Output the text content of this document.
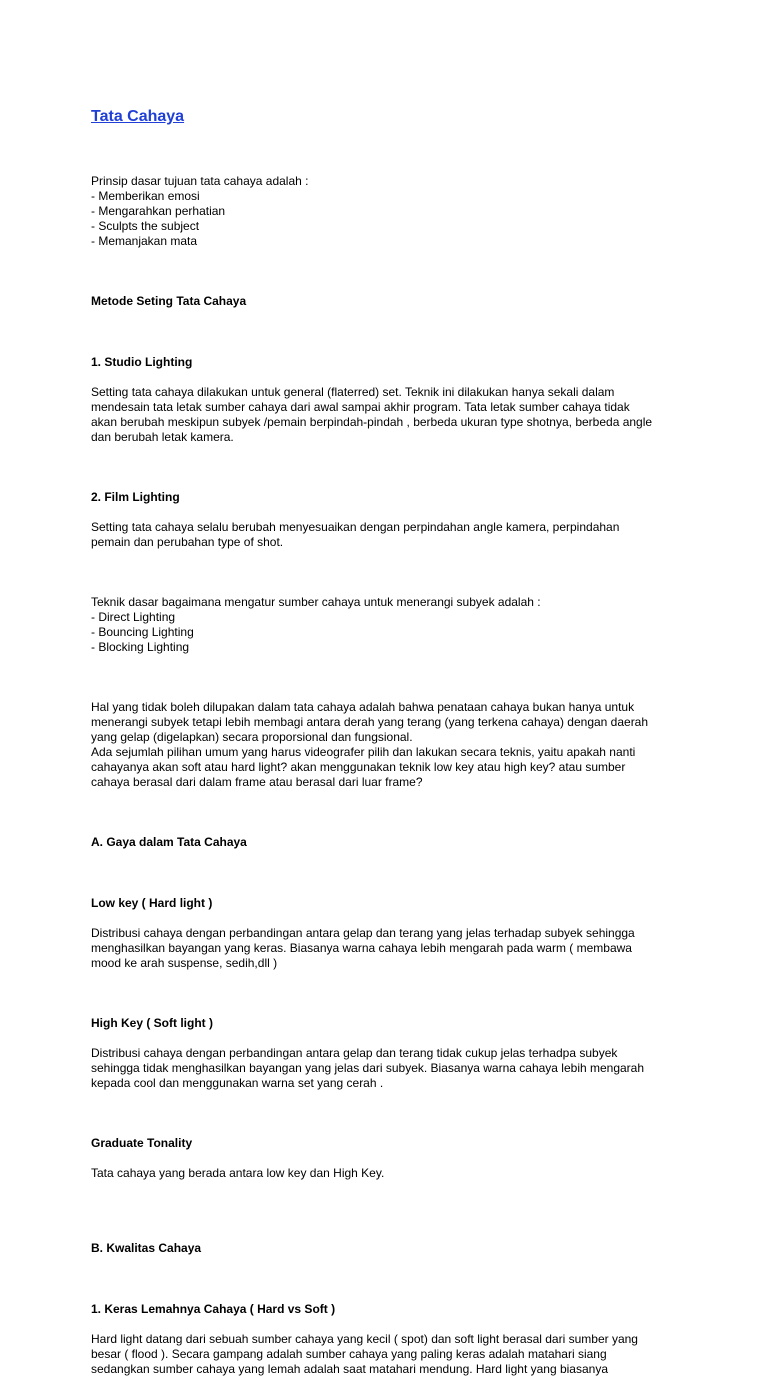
Tata Cahaya

Prinsip dasar tujuan tata cahaya adalah :
- Memberikan emosi
- Mengarahkan perhatian
- Sculpts the subject
- Memanjakan mata

Metode Seting Tata Cahaya

1. Studio Lighting

Setting tata cahaya dilakukan untuk general (flaterred) set. Teknik ini dilakukan hanya sekali dalam
mendesain tata letak sumber cahaya dari awal sampai akhir program. Tata letak sumber cahaya tidak
akan berubah meskipun subyek /pemain berpindah-pindah , berbeda ukuran type shotnya, berbeda angle
dan berubah letak kamera.

2. Film Lighting

Setting tata cahaya selalu berubah menyesuaikan dengan perpindahan angle kamera, perpindahan
pemain dan perubahan type of shot.

Teknik dasar bagaimana mengatur sumber cahaya untuk menerangi subyek adalah :
- Direct Lighting
- Bouncing Lighting
- Blocking Lighting

Hal yang tidak boleh dilupakan dalam tata cahaya adalah bahwa penataan cahaya bukan hanya untuk
menerangi subyek tetapi lebih membagi antara derah yang terang (yang terkena cahaya) dengan daerah
yang gelap (digelapkan) secara proporsional dan fungsional.
Ada sejumlah pilihan umum yang harus videografer pilih dan lakukan secara teknis, yaitu apakah nanti
cahayanya akan soft atau hard light? akan menggunakan teknik low key atau high key? atau sumber
cahaya berasal dari dalam frame atau berasal dari luar frame?

A. Gaya dalam Tata Cahaya

Low key ( Hard light )

Distribusi cahaya dengan perbandingan antara gelap dan terang yang jelas terhadap subyek sehingga
menghasilkan bayangan yang keras. Biasanya warna cahaya lebih mengarah pada warm ( membawa
mood ke arah suspense, sedih,dll )

High Key ( Soft light )

Distribusi cahaya dengan perbandingan antara gelap dan terang tidak cukup jelas terhadpa subyek
sehingga tidak menghasilkan bayangan yang jelas dari subyek. Biasanya warna cahaya lebih mengarah
kepada cool dan menggunakan warna set yang cerah .

Graduate Tonality

Tata cahaya yang berada antara low key dan High Key.

B. Kwalitas Cahaya

1. Keras Lemahnya Cahaya ( Hard vs Soft )

Hard light datang dari sebuah sumber cahaya yang kecil ( spot) dan soft light berasal dari sumber yang
besar ( flood ). Secara gampang adalah sumber cahaya yang paling keras adalah matahari siang
sedangkan sumber cahaya yang lemah adalah saat matahari mendung. Hard light yang biasanya
